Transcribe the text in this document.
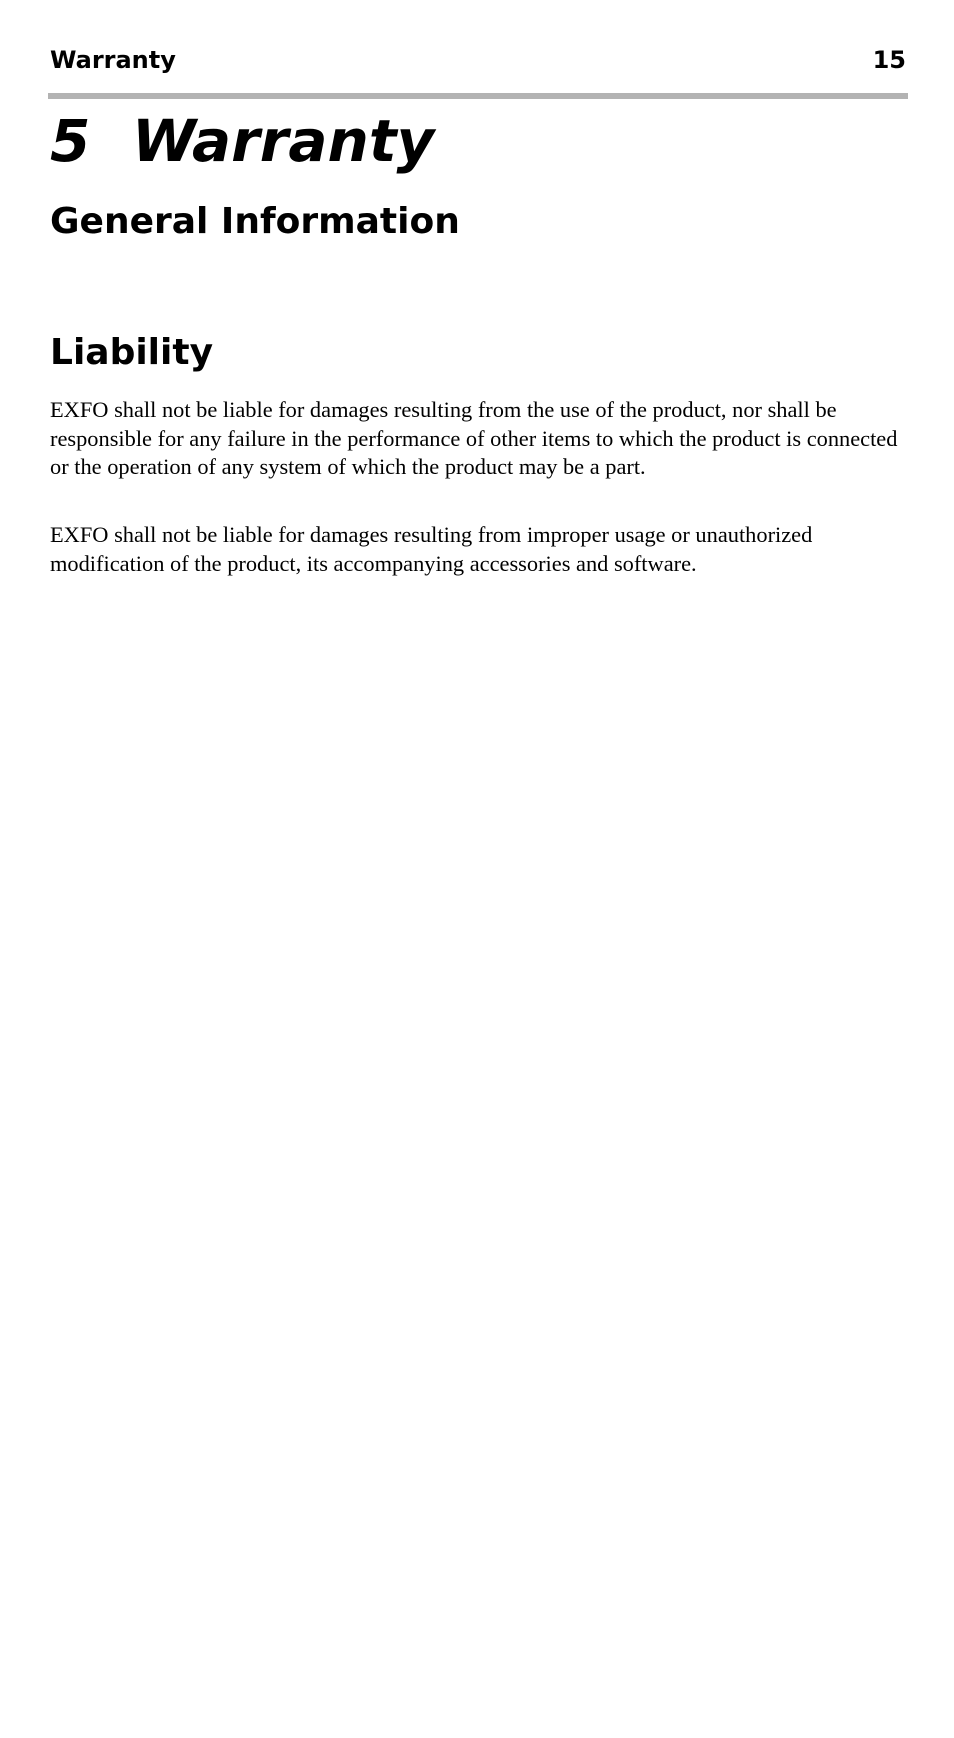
Warranty	15
5 Warranty
General Information
Liability

EXFO shall not be liable for damages resulting from the use of the product, nor shall be responsible for any failure in the performance of other items to which the product is connected or the operation of any system of which the product may be a part.

EXFO shall not be liable for damages resulting from improper usage or unauthorized modification of the product, its accompanying accessories and software.
